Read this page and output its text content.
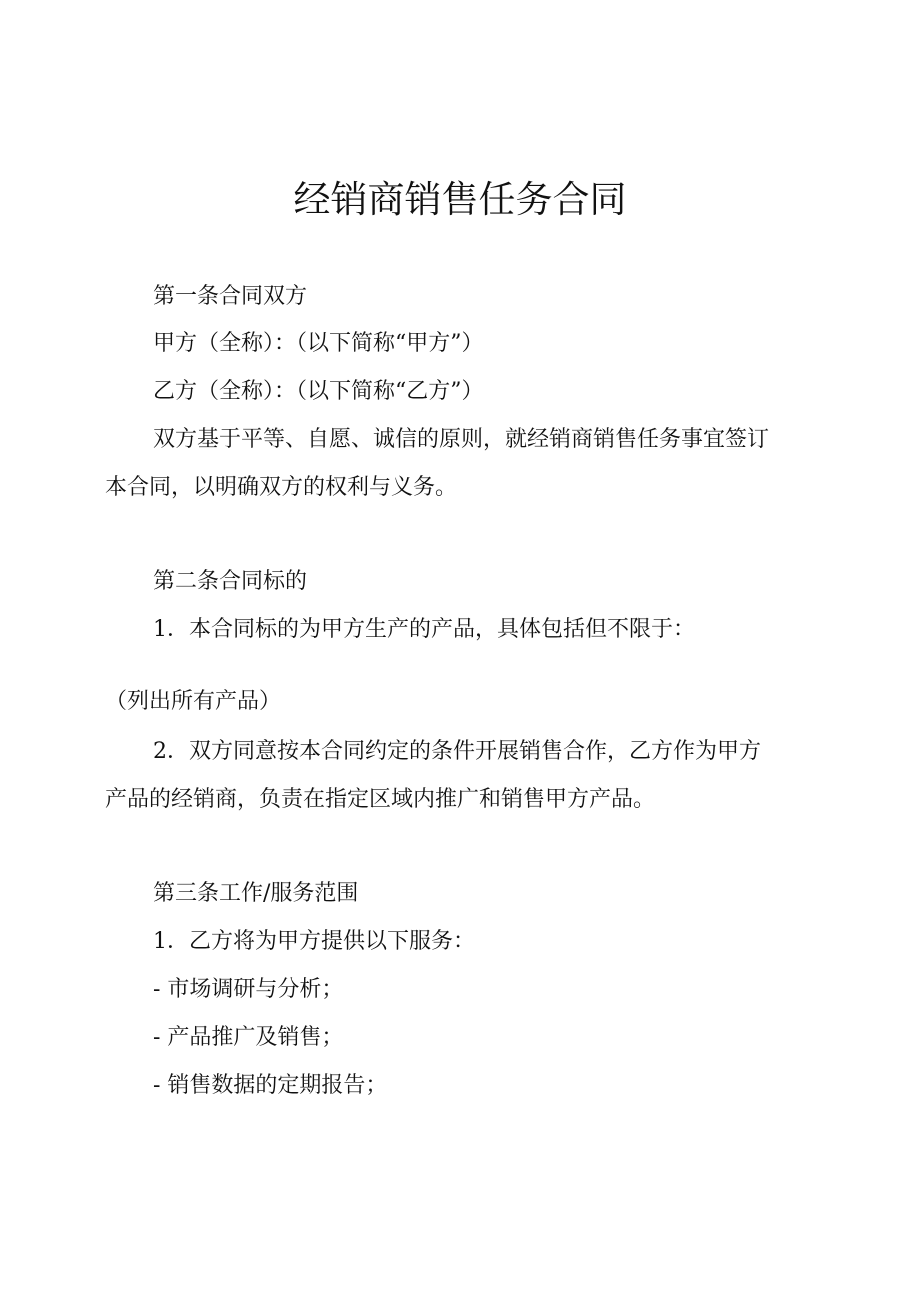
经销商销售任务合同

第一条合同双方

甲方（全称）：（以下简称“甲方”）

乙方（全称）：（以下简称“乙方”）

双方基于平等、自愿、诚信的原则，就经销商销售任务事宜签订

本合同，以明确双方的权利与义务。

第二条合同标的

1．本合同标的为甲方生产的产品，具体包括但不限于：

（列出所有产品）

2．双方同意按本合同约定的条件开展销售合作，乙方作为甲方

产品的经销商，负责在指定区域内推广和销售甲方产品。

第三条工作/服务范围

1．乙方将为甲方提供以下服务：

- 市场调研与分析；

- 产品推广及销售；

- 销售数据的定期报告；
